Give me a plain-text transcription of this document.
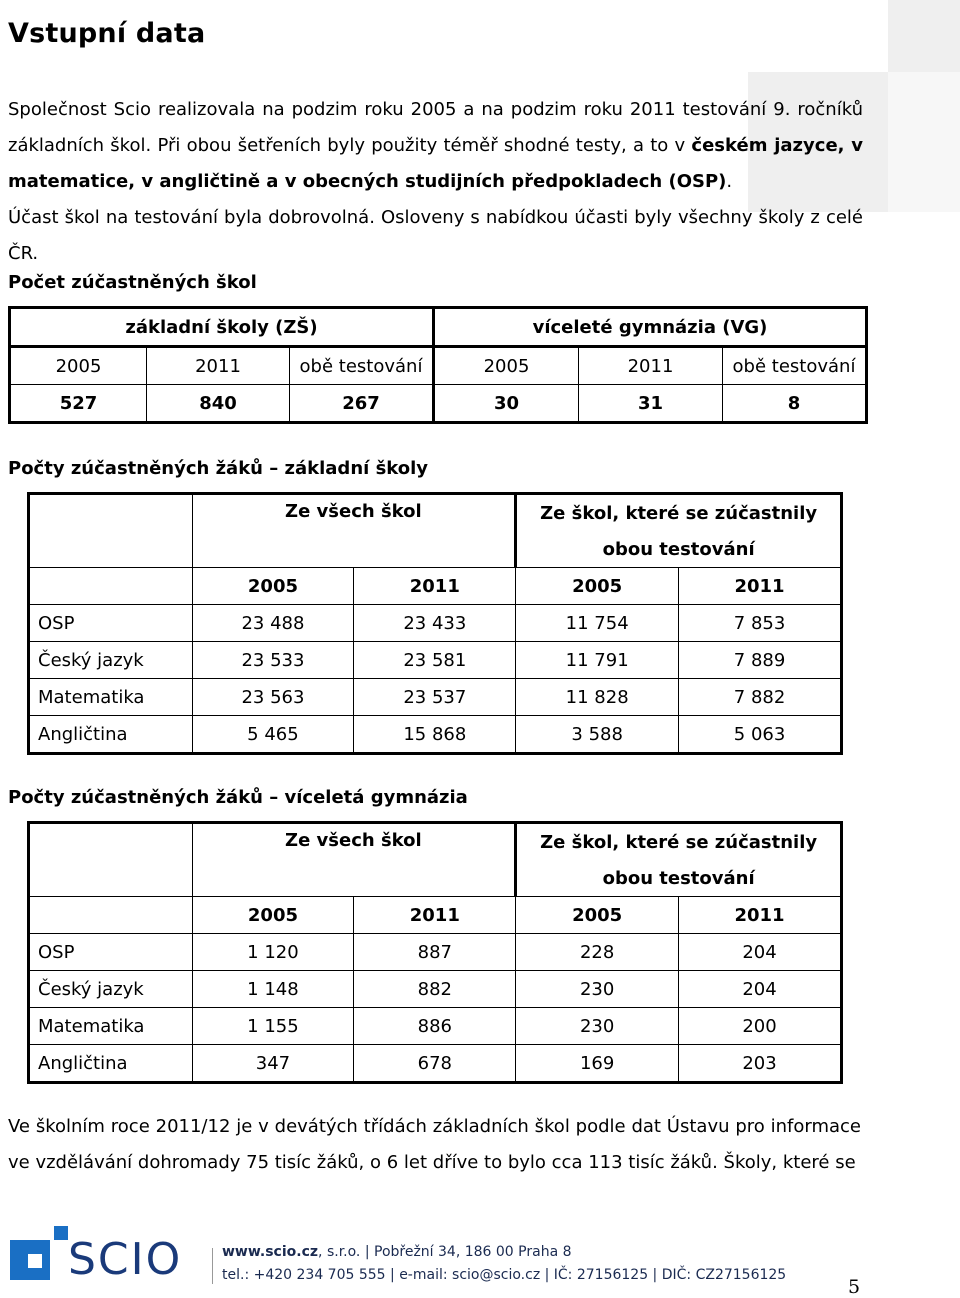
Vstupní data

Společnost Scio realizovala na podzim roku 2005 a na podzim roku 2011 testování 9. ročníků základních škol. Při obou šetřeních byly použity téměř shodné testy, a to v českém jazyce, v matematice, v angličtině a v obecných studijních předpokladech (OSP).

Účast škol na testování byla dobrovolná. Osloveny s nabídkou účasti byly všechny školy z celé ČR.

Počet zúčastněných škol
základní školy (ZŠ)			víceleté gymnázia (VG)		
2005	2011	obě testování	2005	2011	obě testování
527	840	267	30	31	8
Počty zúčastněných žáků – základní školy
	Ze všech škol		Ze škol, které se zúčastnily	
			obou testování	
	2005	2011	2005	2011
OSP	23 488	23 433	11 754	7 853
Český jazyk	23 533	23 581	11 791	7 889
Matematika	23 563	23 537	11 828	7 882
Angličtina	5 465	15 868	3 588	5 063
Počty zúčastněných žáků – víceletá gymnázia
	Ze všech škol		Ze škol, které se zúčastnily	
			obou testování	
	2005	2011	2005	2011
OSP	1 120	887	228	204
Český jazyk	1 148	882	230	204
Matematika	1 155	886	230	200
Angličtina	347	678	169	203

Ve školním roce 2011/12 je v devátých třídách základních škol podle dat Ústavu pro informace ve vzdělávání dohromady 75 tisíc žáků, o 6 let dříve to bylo cca 113 tisíc žáků. Školy, které se

SCIO	www.scio.cz, s.r.o. | Pobřežní 34, 186 00 Praha 8
tel.: +420 234 705 555 | e-mail: scio@scio.cz | IČ: 27156125 | DIČ: CZ27156125
5
